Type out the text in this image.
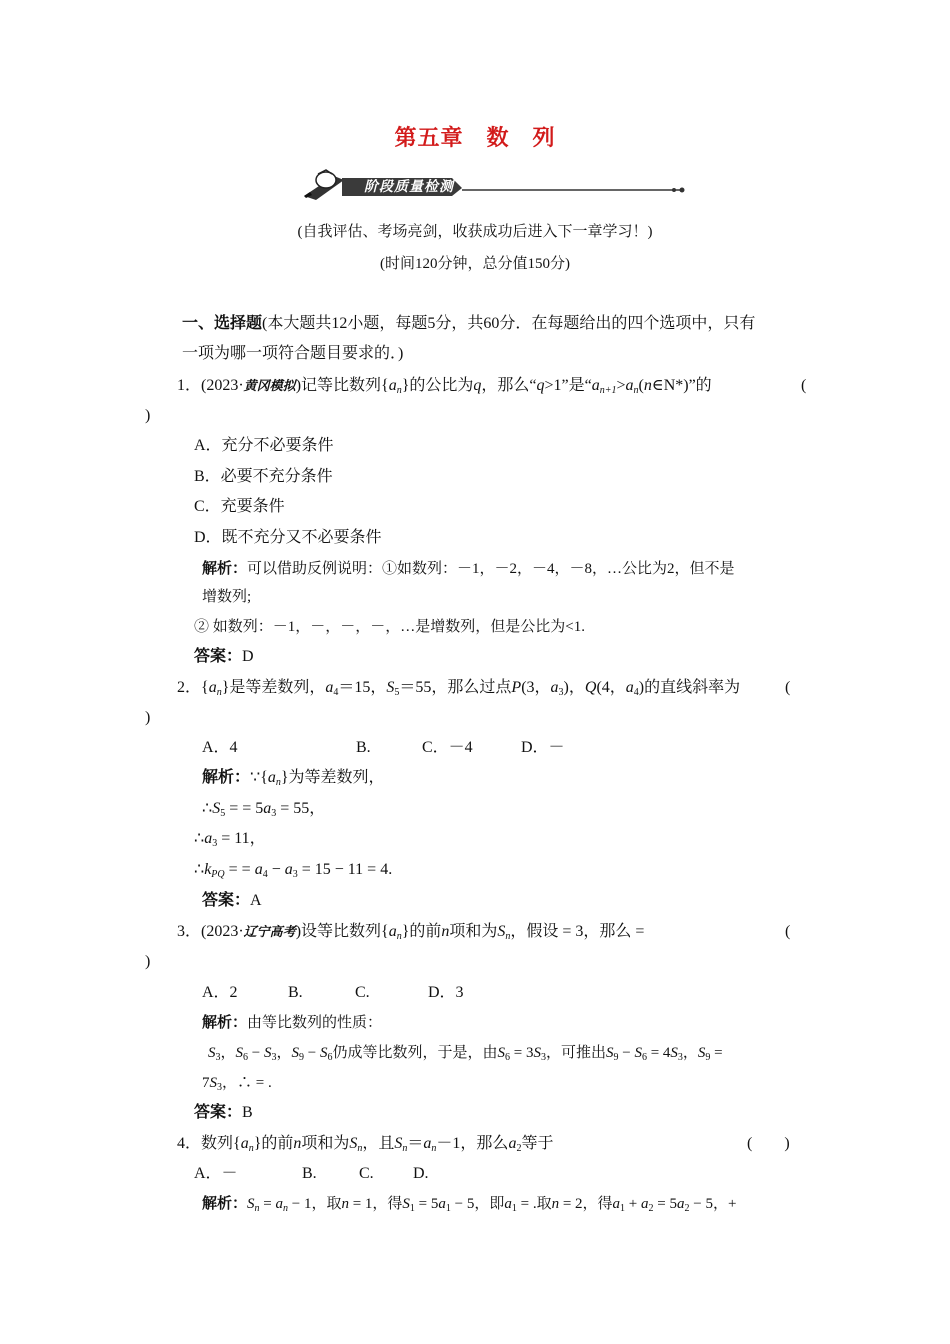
第五章　数　列
阶段质量检测
(自我评估、考场亮剑，收获成功后进入下一章学习！)
(时间120分钟，总分值150分)
一、选择题(本大题共12小题，每题5分，共60分．在每题给出的四个选项中，只有
一项为哪一项符合题目要求的．)
1．(2023·黄冈模拟)记等比数列$\{a_n\}$的公比为q，那么“q>1”是“$a_{n+1}>a_n(n\in N*)$”的	(
)
A．充分不必要条件
B．必要不充分条件
C．充要条件
D．既不充分又不必要条件
解析：可以借助反例说明：①如数列：－1，－2，－4，－8，…公比为2，但不是
增数列;
② 如数列：－1，－，－，－，…是增数列，但是公比为<1.
答案：D
2．$\{a_n\}$是等差数列，$a_4=15$，$S_5=55$，那么过点P(3，$a_3$)，Q(4，$a_4$)的直线斜率为	(
)
A．4	B.	C．－4	D．－
解析：$\because\{a_n\}$为等差数列，
$\therefore S_5$ = = $5a_3 = 55$，
$\therefore a_3 = 11$，
$\therefore k_{PQ}$ = = $a_4 - a_3 = 15 - 11 = 4$.
答案：A
3．(2023·辽宁高考)设等比数列$\{a_n\}$的前n项和为$S_n$，假设 = 3，那么 =	(
)
A．2	B.	C.	D．3
解析：由等比数列的性质：
$S_3$，$S_6 - S_3$，$S_9 - S_6$仍成等比数列，于是，由$S_6 = 3S_3$，可推出$S_9 - S_6 = 4S_3$，$S_9$ =
$7S_3$，∴ = .
答案：B
4．数列$\{a_n\}$的前n项和为$S_n$，且$S_n=a_n-1$，那么$a_2$等于	(　　)
A．－	B.	C. D.
解析：$S_n = a_n - 1$，取n = 1，得$S_1 = 5a_1 - 5$，即$a_1$ = .取n = 2，得$a_1 + a_2 = 5a_2 - 5$，+
